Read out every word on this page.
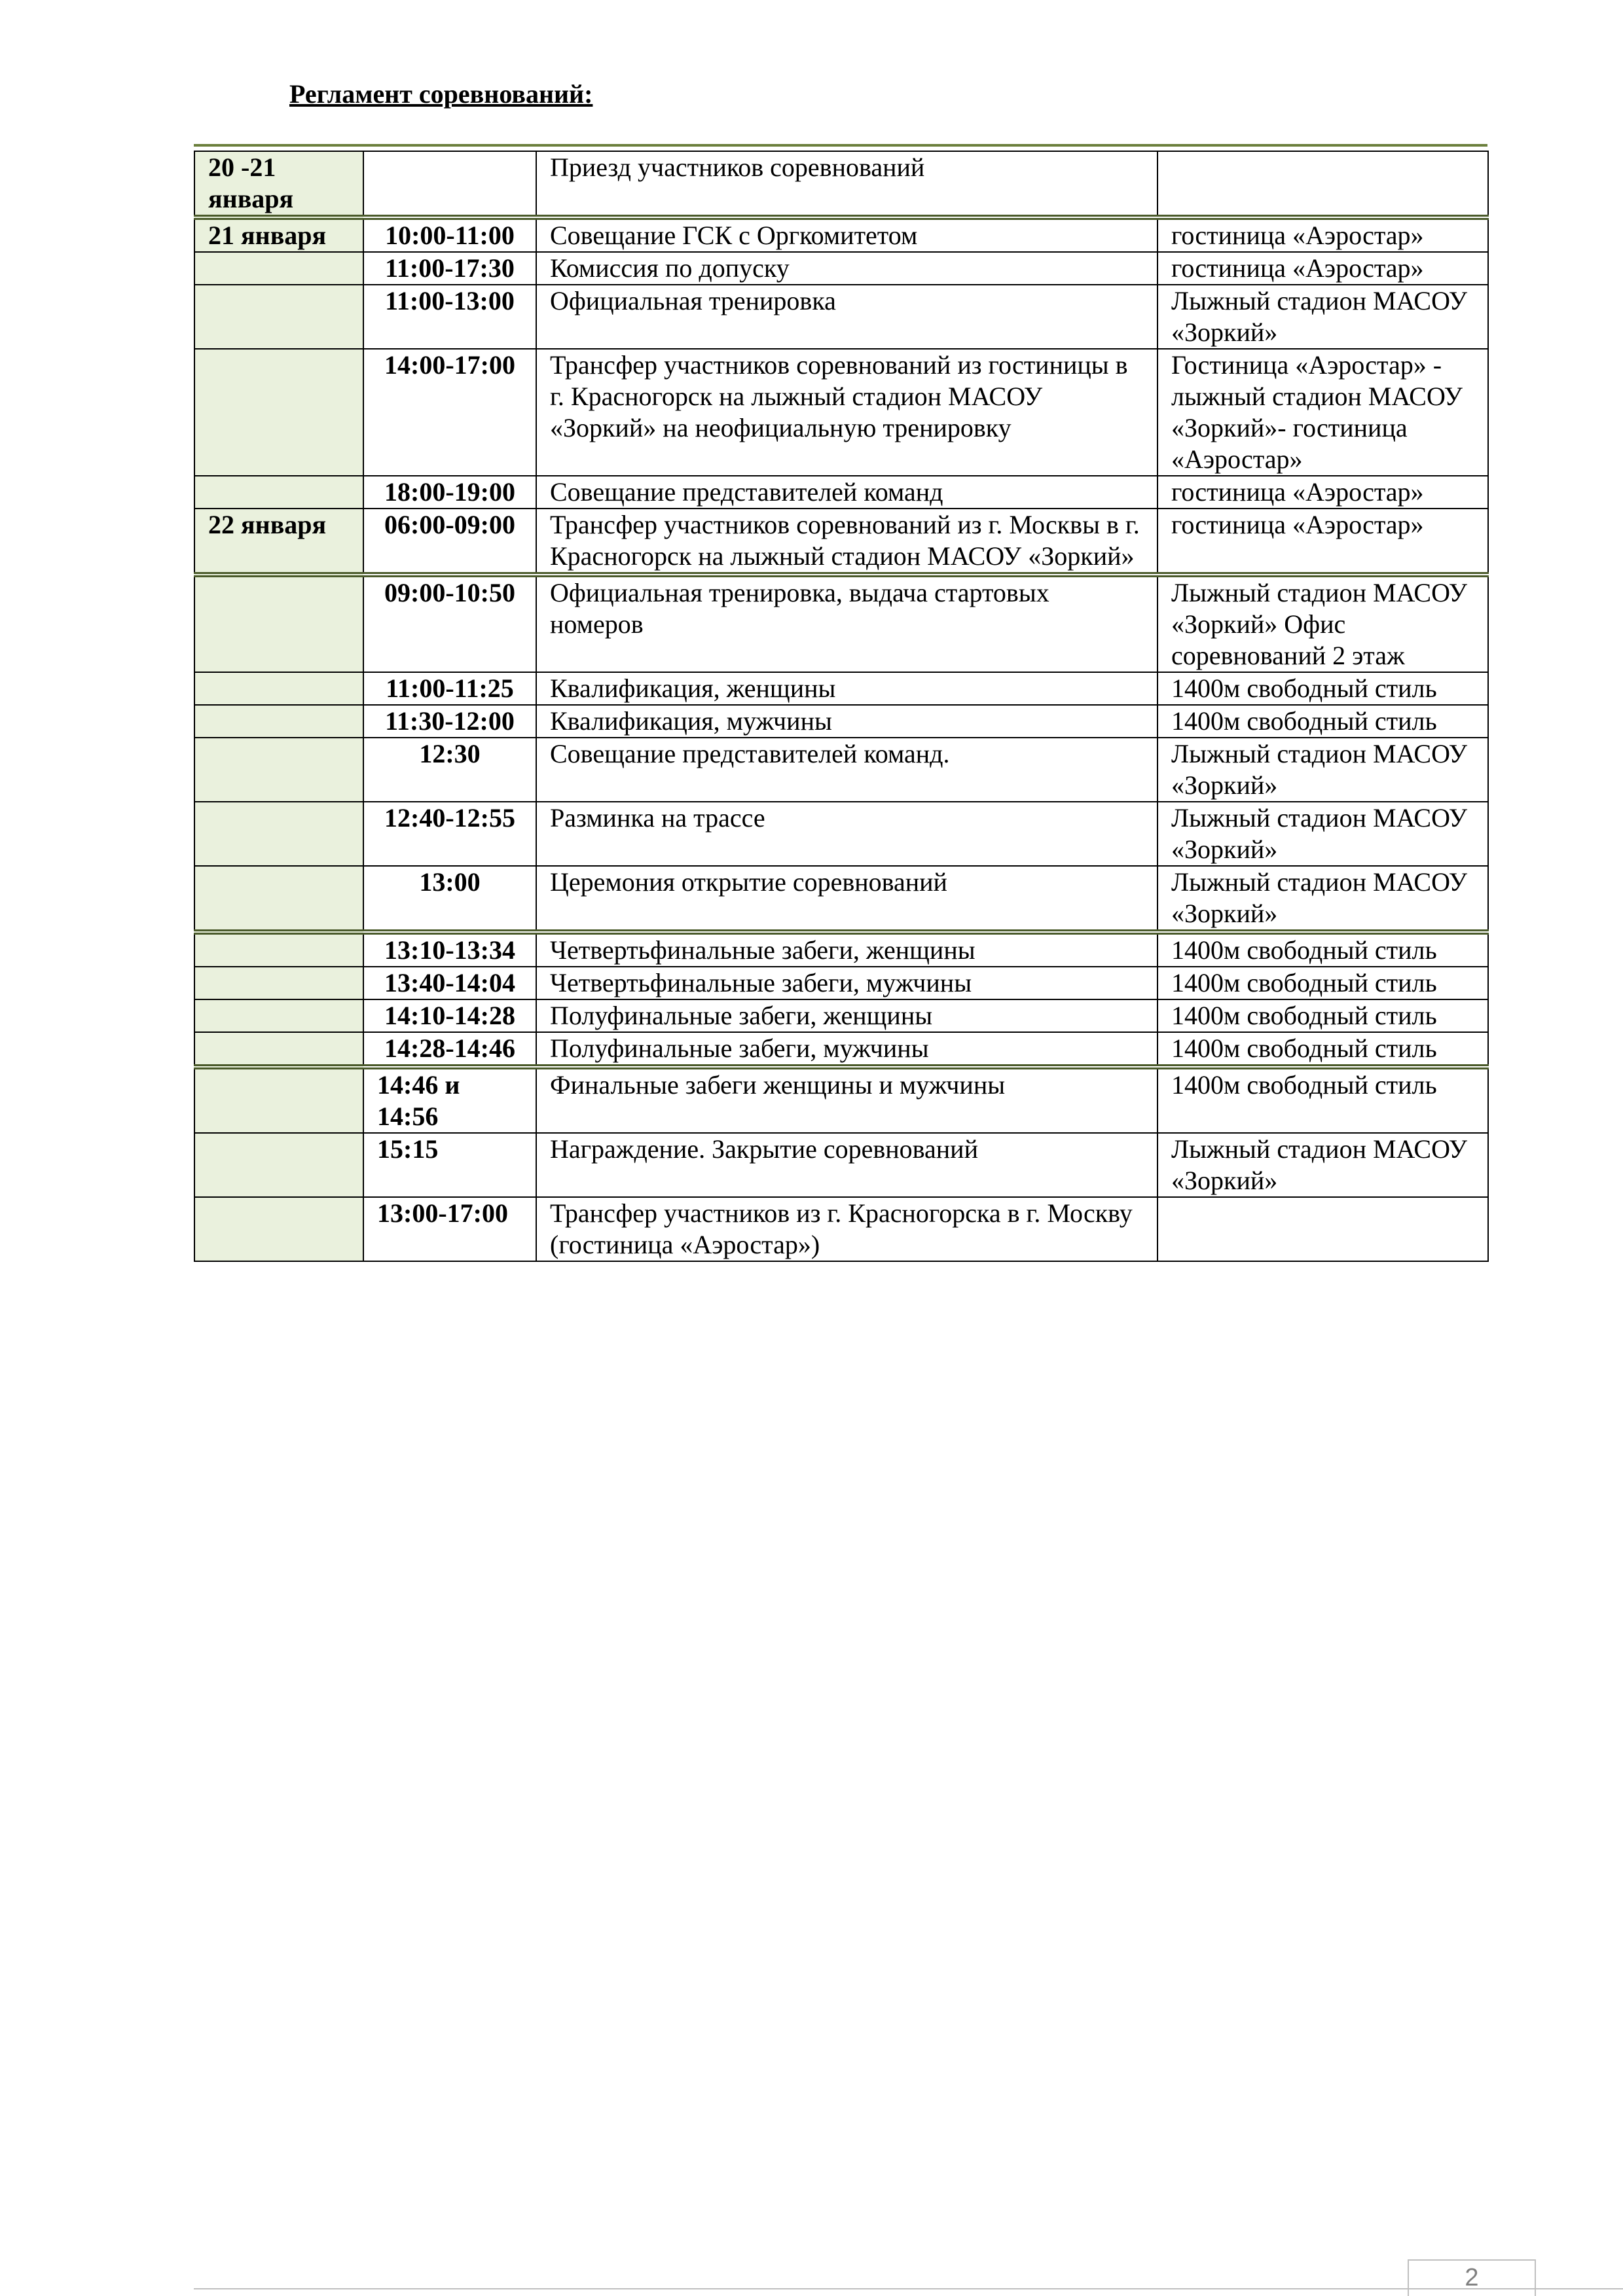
Регламент соревнований:
20 -21 января		Приезд участников соревнований	
21 января	10:00-11:00	Совещание ГСК с Оргкомитетом	гостиница «Аэростар»
	11:00-17:30	Комиссия по допуску	гостиница «Аэростар»
	11:00-13:00	Официальная тренировка	Лыжный стадион МАСОУ «Зоркий»
	14:00-17:00	Трансфер участников соревнований из гостиницы в г. Красногорск на лыжный стадион МАСОУ «Зоркий» на неофициальную тренировку	Гостиница «Аэростар» - лыжный стадион МАСОУ «Зоркий»- гостиница «Аэростар»
	18:00-19:00	Совещание представителей команд	гостиница «Аэростар»
22 января	06:00-09:00	Трансфер участников соревнований из г. Москвы в г. Красногорск на лыжный стадион МАСОУ «Зоркий»	гостиница «Аэростар»
	09:00-10:50	Официальная тренировка, выдача стартовых номеров	Лыжный стадион МАСОУ «Зоркий» Офис соревнований 2 этаж
	11:00-11:25	Квалификация, женщины	1400м свободный стиль
	11:30-12:00	Квалификация, мужчины	1400м свободный стиль
	12:30	Совещание представителей команд.	Лыжный стадион МАСОУ «Зоркий»
	12:40-12:55	Разминка на трассе	Лыжный стадион МАСОУ «Зоркий»
	13:00	Церемония открытие соревнований	Лыжный стадион МАСОУ «Зоркий»
	13:10-13:34	Четвертьфинальные забеги, женщины	1400м свободный стиль
	13:40-14:04	Четвертьфинальные забеги, мужчины	1400м свободный стиль
	14:10-14:28	Полуфинальные забеги, женщины	1400м свободный стиль
	14:28-14:46	Полуфинальные забеги, мужчины	1400м свободный стиль
	14:46 и 14:56	Финальные забеги женщины и мужчины	1400м свободный стиль
	15:15	Награждение. Закрытие соревнований	Лыжный стадион МАСОУ «Зоркий»
	13:00-17:00	Трансфер участников из г. Красногорска в г. Москву (гостиница «Аэростар»)	
2
